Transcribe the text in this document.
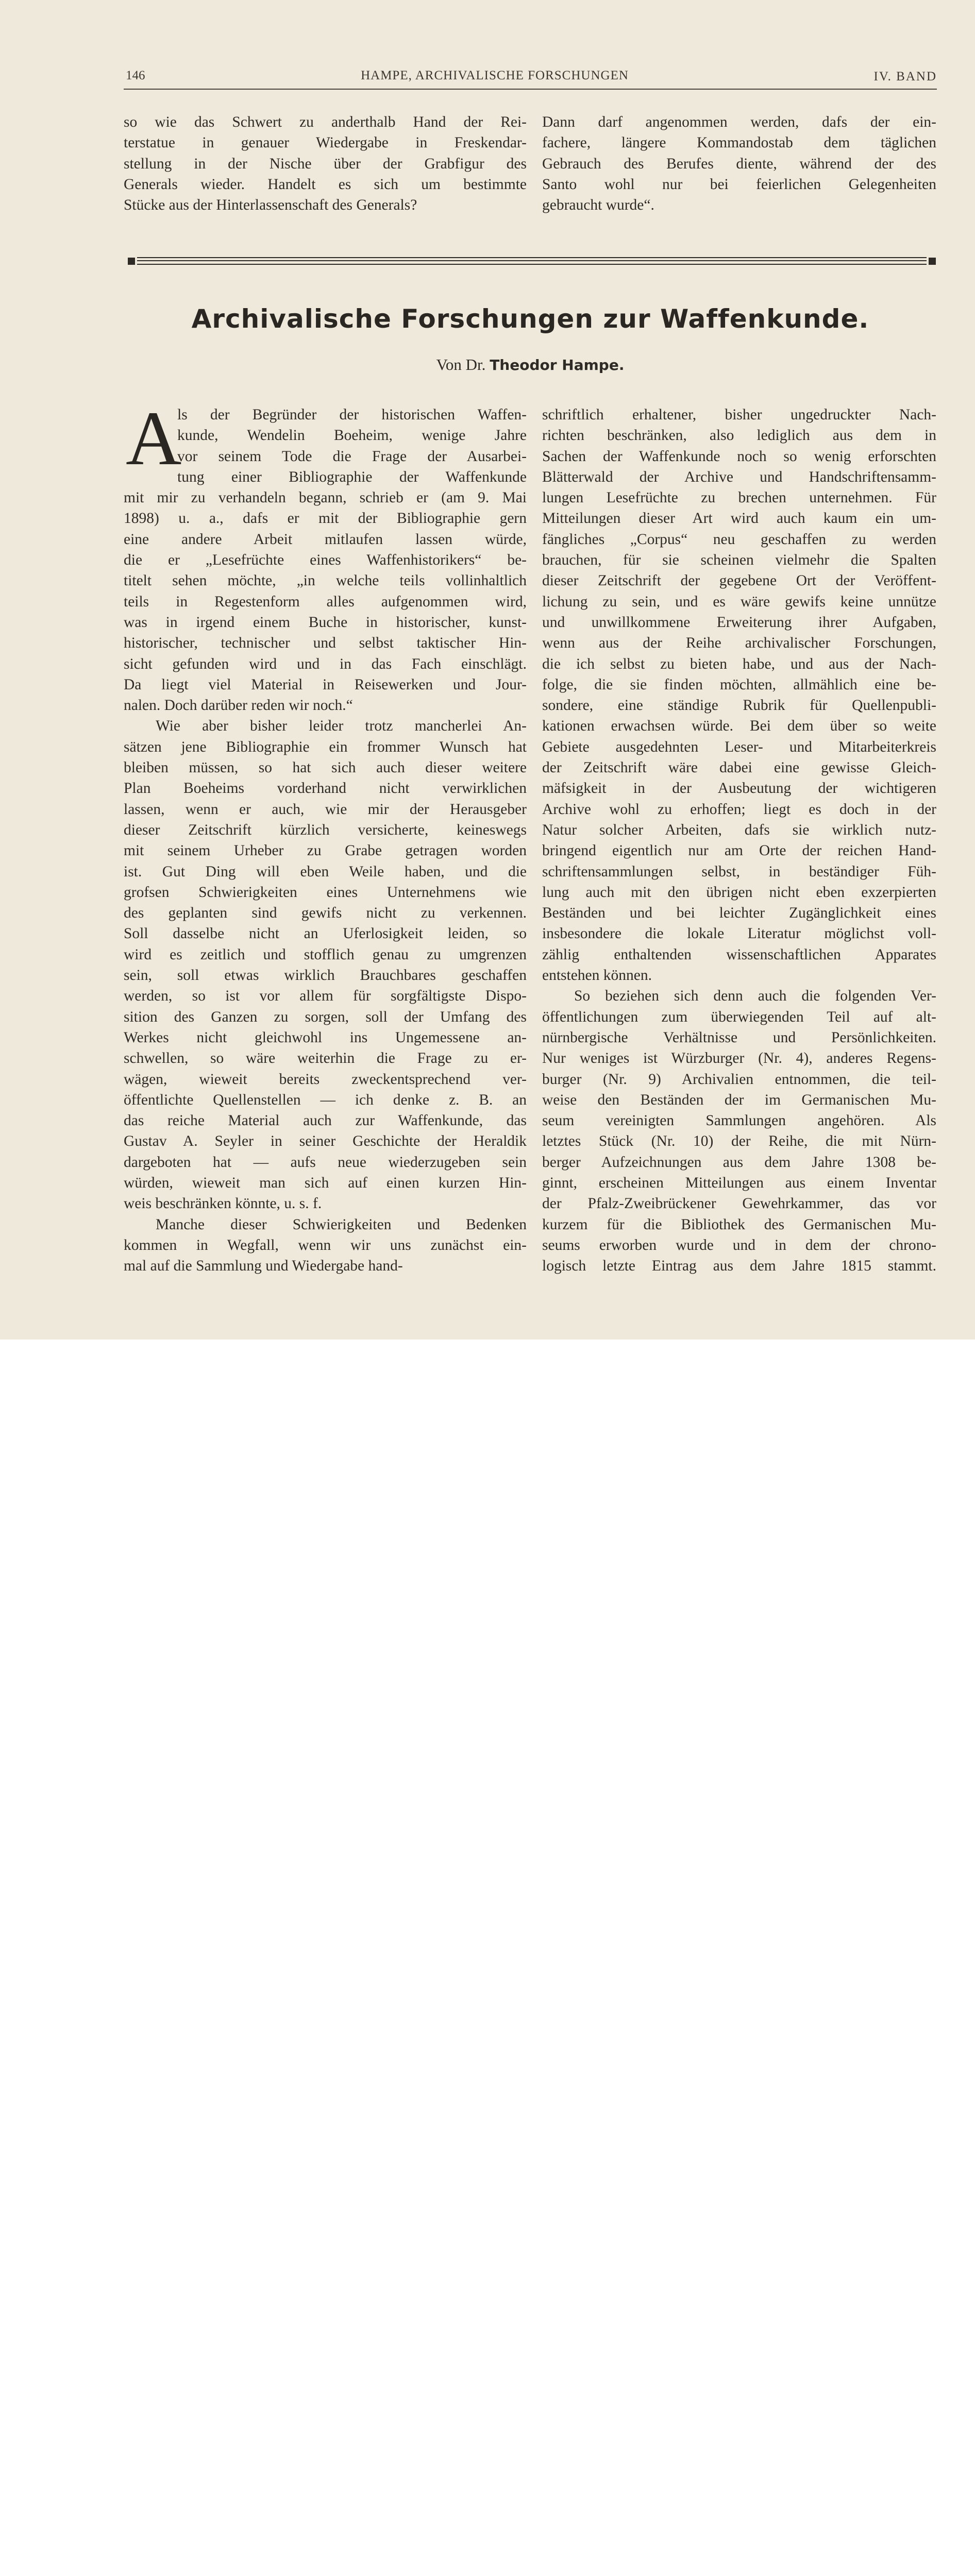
146	HAMPE, ARCHIVALISCHE FORSCHUNGEN	IV. BAND
so wie das Schwert zu anderthalb Hand der Rei-
terstatue in genauer Wiedergabe in Freskendar-
stellung in der Nische über der Grabfigur des
Generals wieder. Handelt es sich um bestimmte
Stücke aus der Hinterlassenschaft des Generals?
Dann darf angenommen werden, dafs der ein-
fachere, längere Kommandostab dem täglichen
Gebrauch des Berufes diente, während der des
Santo wohl nur bei feierlichen Gelegenheiten
gebraucht wurde“.
Archivalische Forschungen zur Waffenkunde.
Von Dr. Theodor Hampe.
A
ls der Begründer der historischen Waffen-
kunde, Wendelin Boeheim, wenige Jahre
vor seinem Tode die Frage der Ausarbei-
tung einer Bibliographie der Waffenkunde
mit mir zu verhandeln begann, schrieb er (am 9. Mai
1898) u. a., dafs er mit der Bibliographie gern
eine andere Arbeit mitlaufen lassen würde,
die er „Lesefrüchte eines Waffenhistorikers“ be-
titelt sehen möchte, „in welche teils vollinhaltlich
teils in Regestenform alles aufgenommen wird,
was in irgend einem Buche in historischer, kunst-
historischer, technischer und selbst taktischer Hin-
sicht gefunden wird und in das Fach einschlägt.
Da liegt viel Material in Reisewerken und Jour-
nalen. Doch darüber reden wir noch.“
Wie aber bisher leider trotz mancherlei An-
sätzen jene Bibliographie ein frommer Wunsch hat
bleiben müssen, so hat sich auch dieser weitere
Plan Boeheims vorderhand nicht verwirklichen
lassen, wenn er auch, wie mir der Herausgeber
dieser Zeitschrift kürzlich versicherte, keineswegs
mit seinem Urheber zu Grabe getragen worden
ist. Gut Ding will eben Weile haben, und die
grofsen Schwierigkeiten eines Unternehmens wie
des geplanten sind gewifs nicht zu verkennen.
Soll dasselbe nicht an Uferlosigkeit leiden, so
wird es zeitlich und stofflich genau zu umgrenzen
sein, soll etwas wirklich Brauchbares geschaffen
werden, so ist vor allem für sorgfältigste Dispo-
sition des Ganzen zu sorgen, soll der Umfang des
Werkes nicht gleichwohl ins Ungemessene an-
schwellen, so wäre weiterhin die Frage zu er-
wägen, wieweit bereits zweckentsprechend ver-
öffentlichte Quellenstellen — ich denke z. B. an
das reiche Material auch zur Waffenkunde, das
Gustav A. Seyler in seiner Geschichte der Heraldik
dargeboten hat — aufs neue wiederzugeben sein
würden, wieweit man sich auf einen kurzen Hin-
weis beschränken könnte, u. s. f.
Manche dieser Schwierigkeiten und Bedenken
kommen in Wegfall, wenn wir uns zunächst ein-
mal auf die Sammlung und Wiedergabe hand-
schriftlich erhaltener, bisher ungedruckter Nach-
richten beschränken, also lediglich aus dem in
Sachen der Waffenkunde noch so wenig erforschten
Blätterwald der Archive und Handschriftensamm-
lungen Lesefrüchte zu brechen unternehmen. Für
Mitteilungen dieser Art wird auch kaum ein um-
fängliches „Corpus“ neu geschaffen zu werden
brauchen, für sie scheinen vielmehr die Spalten
dieser Zeitschrift der gegebene Ort der Veröffent-
lichung zu sein, und es wäre gewifs keine unnütze
und unwillkommene Erweiterung ihrer Aufgaben,
wenn aus der Reihe archivalischer Forschungen,
die ich selbst zu bieten habe, und aus der Nach-
folge, die sie finden möchten, allmählich eine be-
sondere, eine ständige Rubrik für Quellenpubli-
kationen erwachsen würde. Bei dem über so weite
Gebiete ausgedehnten Leser- und Mitarbeiterkreis
der Zeitschrift wäre dabei eine gewisse Gleich-
mäfsigkeit in der Ausbeutung der wichtigeren
Archive wohl zu erhoffen; liegt es doch in der
Natur solcher Arbeiten, dafs sie wirklich nutz-
bringend eigentlich nur am Orte der reichen Hand-
schriftensammlungen selbst, in beständiger Füh-
lung auch mit den übrigen nicht eben exzerpierten
Beständen und bei leichter Zugänglichkeit eines
insbesondere die lokale Literatur möglichst voll-
zählig enthaltenden wissenschaftlichen Apparates
entstehen können.
So beziehen sich denn auch die folgenden Ver-
öffentlichungen zum überwiegenden Teil auf alt-
nürnbergische Verhältnisse und Persönlichkeiten.
Nur weniges ist Würzburger (Nr. 4), anderes Regens-
burger (Nr. 9) Archivalien entnommen, die teil-
weise den Beständen der im Germanischen Mu-
seum vereinigten Sammlungen angehören. Als
letztes Stück (Nr. 10) der Reihe, die mit Nürn-
berger Aufzeichnungen aus dem Jahre 1308 be-
ginnt, erscheinen Mitteilungen aus einem Inventar
der Pfalz-Zweibrückener Gewehrkammer, das vor
kurzem für die Bibliothek des Germanischen Mu-
seums erworben wurde und in dem der chrono-
logisch letzte Eintrag aus dem Jahre 1815 stammt.
